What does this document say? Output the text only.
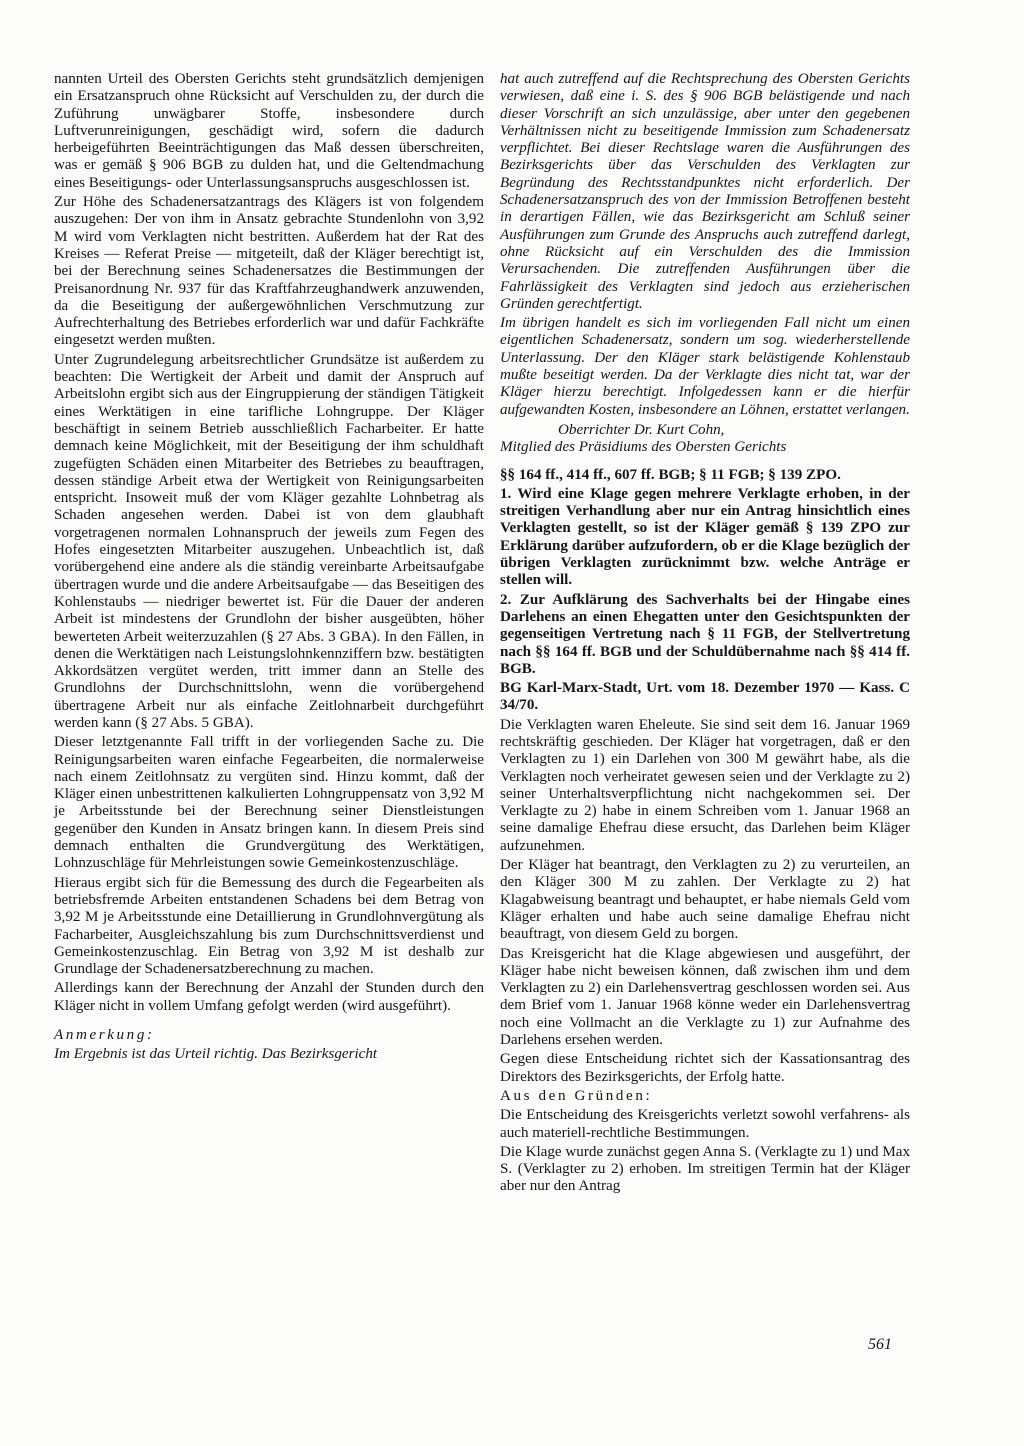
nannten Urteil des Obersten Gerichts steht grundsätzlich demjenigen ein Ersatzanspruch ohne Rücksicht auf Verschulden zu, der durch die Zuführung unwägbarer Stoffe, insbesondere durch Luftverunreinigungen, geschädigt wird, sofern die dadurch herbeigeführten Beeinträchtigungen das Maß dessen überschreiten, was er gemäß § 906 BGB zu dulden hat, und die Geltendmachung eines Beseitigungs- oder Unterlassungsanspruchs ausgeschlossen ist.

Zur Höhe des Schadenersatzantrags des Klägers ist von folgendem auszugehen: Der von ihm in Ansatz gebrachte Stundenlohn von 3,92 M wird vom Verklagten nicht bestritten. Außerdem hat der Rat des Kreises — Referat Preise — mitgeteilt, daß der Kläger berechtigt ist, bei der Berechnung seines Schadenersatzes die Bestimmungen der Preisanordnung Nr. 937 für das Kraftfahrzeughandwerk anzuwenden, da die Beseitigung der außergewöhnlichen Verschmutzung zur Aufrechterhaltung des Betriebes erforderlich war und dafür Fachkräfte eingesetzt werden mußten.

Unter Zugrundelegung arbeitsrechtlicher Grundsätze ist außerdem zu beachten: Die Wertigkeit der Arbeit und damit der Anspruch auf Arbeitslohn ergibt sich aus der Eingruppierung der ständigen Tätigkeit eines Werktätigen in eine tarifliche Lohngruppe. Der Kläger beschäftigt in seinem Betrieb ausschließlich Facharbeiter. Er hatte demnach keine Möglichkeit, mit der Beseitigung der ihm schuldhaft zugefügten Schäden einen Mitarbeiter des Betriebes zu beauftragen, dessen ständige Arbeit etwa der Wertigkeit von Reinigungsarbeiten entspricht. Insoweit muß der vom Kläger gezahlte Lohnbetrag als Schaden angesehen werden. Dabei ist von dem glaubhaft vorgetragenen normalen Lohnanspruch der jeweils zum Fegen des Hofes eingesetzten Mitarbeiter auszugehen. Unbeachtlich ist, daß vorübergehend eine andere als die ständig vereinbarte Arbeitsaufgabe übertragen wurde und die andere Arbeitsaufgabe — das Beseitigen des Kohlenstaubs — niedriger bewertet ist. Für die Dauer der anderen Arbeit ist mindestens der Grundlohn der bisher ausgeübten, höher bewerteten Arbeit weiterzuzahlen (§ 27 Abs. 3 GBA). In den Fällen, in denen die Werktätigen nach Leistungslohnkennziffern bzw. bestätigten Akkordsätzen vergütet werden, tritt immer dann an Stelle des Grundlohns der Durchschnittslohn, wenn die vorübergehend übertragene Arbeit nur als einfache Zeitlohnarbeit durchgeführt werden kann (§ 27 Abs. 5 GBA).

Dieser letztgenannte Fall trifft in der vorliegenden Sache zu. Die Reinigungsarbeiten waren einfache Fegearbeiten, die normalerweise nach einem Zeitlohnsatz zu vergüten sind. Hinzu kommt, daß der Kläger einen unbestrittenen kalkulierten Lohngruppensatz von 3,92 M je Arbeitsstunde bei der Berechnung seiner Dienstleistungen gegenüber den Kunden in Ansatz bringen kann. In diesem Preis sind demnach enthalten die Grundvergütung des Werktätigen, Lohnzuschläge für Mehrleistungen sowie Gemeinkostenzuschläge.

Hieraus ergibt sich für die Bemessung des durch die Fegearbeiten als betriebsfremde Arbeiten entstandenen Schadens bei dem Betrag von 3,92 M je Arbeitsstunde eine Detaillierung in Grundlohnvergütung als Facharbeiter, Ausgleichszahlung bis zum Durchschnittsverdienst und Gemeinkostenzuschlag. Ein Betrag von 3,92 M ist deshalb zur Grundlage der Schadenersatzberechnung zu machen.

Allerdings kann der Berechnung der Anzahl der Stunden durch den Kläger nicht in vollem Umfang gefolgt werden (wird ausgeführt).

Anmerkung:

Im Ergebnis ist das Urteil richtig. Das Bezirksgericht

hat auch zutreffend auf die Rechtsprechung des Obersten Gerichts verwiesen, daß eine i. S. des § 906 BGB belästigende und nach dieser Vorschrift an sich unzulässige, aber unter den gegebenen Verhältnissen nicht zu beseitigende Immission zum Schadenersatz verpflichtet. Bei dieser Rechtslage waren die Ausführungen des Bezirksgerichts über das Verschulden des Verklagten zur Begründung des Rechtsstandpunktes nicht erforderlich. Der Schadenersatzanspruch des von der Immission Betroffenen besteht in derartigen Fällen, wie das Bezirksgericht am Schluß seiner Ausführungen zum Grunde des Anspruchs auch zutreffend darlegt, ohne Rücksicht auf ein Verschulden des die Immission Verursachenden. Die zutreffenden Ausführungen über die Fahrlässigkeit des Verklagten sind jedoch aus erzieherischen Gründen gerechtfertigt.

Im übrigen handelt es sich im vorliegenden Fall nicht um einen eigentlichen Schadenersatz, sondern um sog. wiederherstellende Unterlassung. Der den Kläger stark belästigende Kohlenstaub mußte beseitigt werden. Da der Verklagte dies nicht tat, war der Kläger hierzu berechtigt. Infolgedessen kann er die hierfür aufgewandten Kosten, insbesondere an Löhnen, erstattet verlangen.

Oberrichter Dr. Kurt Cohn,

Mitglied des Präsidiums des Obersten Gerichts

§§ 164 ff., 414 ff., 607 ff. BGB; § 11 FGB; § 139 ZPO.

1. Wird eine Klage gegen mehrere Verklagte erhoben, in der streitigen Verhandlung aber nur ein Antrag hinsichtlich eines Verklagten gestellt, so ist der Kläger gemäß § 139 ZPO zur Erklärung darüber aufzufordern, ob er die Klage bezüglich der übrigen Verklagten zurücknimmt bzw. welche Anträge er stellen will.

2. Zur Aufklärung des Sachverhalts bei der Hingabe eines Darlehens an einen Ehegatten unter den Gesichtspunkten der gegenseitigen Vertretung nach § 11 FGB, der Stellvertretung nach §§ 164 ff. BGB und der Schuldübernahme nach §§ 414 ff. BGB.

BG Karl-Marx-Stadt, Urt. vom 18. Dezember 1970 — Kass. C 34/70.

Die Verklagten waren Eheleute. Sie sind seit dem 16. Januar 1969 rechtskräftig geschieden. Der Kläger hat vorgetragen, daß er den Verklagten zu 1) ein Darlehen von 300 M gewährt habe, als die Verklagten noch verheiratet gewesen seien und der Verklagte zu 2) seiner Unterhaltsverpflichtung nicht nachgekommen sei. Der Verklagte zu 2) habe in einem Schreiben vom 1. Januar 1968 an seine damalige Ehefrau diese ersucht, das Darlehen beim Kläger aufzunehmen.

Der Kläger hat beantragt, den Verklagten zu 2) zu verurteilen, an den Kläger 300 M zu zahlen. Der Verklagte zu 2) hat Klagabweisung beantragt und behauptet, er habe niemals Geld vom Kläger erhalten und habe auch seine damalige Ehefrau nicht beauftragt, von diesem Geld zu borgen.

Das Kreisgericht hat die Klage abgewiesen und ausgeführt, der Kläger habe nicht beweisen können, daß zwischen ihm und dem Verklagten zu 2) ein Darlehensvertrag geschlossen worden sei. Aus dem Brief vom 1. Januar 1968 könne weder ein Darlehensvertrag noch eine Vollmacht an die Verklagte zu 1) zur Aufnahme des Darlehens ersehen werden.

Gegen diese Entscheidung richtet sich der Kassationsantrag des Direktors des Bezirksgerichts, der Erfolg hatte.

Aus den Gründen:

Die Entscheidung des Kreisgerichts verletzt sowohl verfahrens- als auch materiell-rechtliche Bestimmungen.

Die Klage wurde zunächst gegen Anna S. (Verklagte zu 1) und Max S. (Verklagter zu 2) erhoben. Im streitigen Termin hat der Kläger aber nur den Antrag

561
